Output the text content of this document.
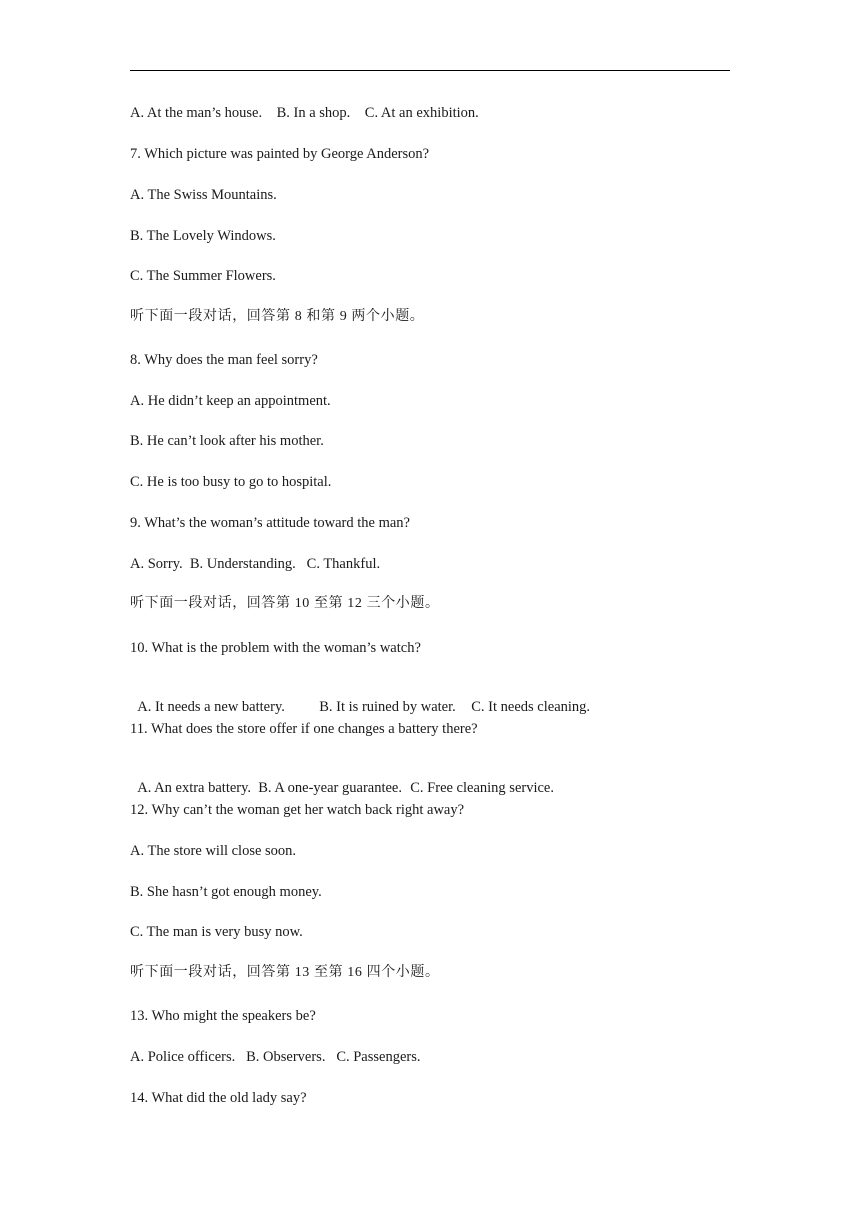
A. At the man’s house.    B. In a shop.    C. At an exhibition.
7. Which picture was painted by George Anderson?
A. The Swiss Mountains.
B. The Lovely Windows.
C. The Summer Flowers.
听下面一段对话，回答第 8 和第 9 两个小题。
8. Why does the man feel sorry?
A. He didn’t keep an appointment.
B. He can’t look after his mother.
C. He is too busy to go to hospital.
9. What’s the woman’s attitude toward the man?
A. Sorry.  B. Understanding.   C. Thankful.
听下面一段对话，回答第 10 至第 12 三个小题。
10. What is the problem with the woman’s watch?

A. It needs a new battery. B. It is ruined by water. C. It needs cleaning.

11. What does the store offer if one changes a battery there?

A. An extra battery. B. A one-year guarantee. C. Free cleaning service.

12. Why can’t the woman get her watch back right away?
A. The store will close soon.
B. She hasn’t got enough money.
C. The man is very busy now.
听下面一段对话，回答第 13 至第 16 四个小题。
13. Who might the speakers be?
A. Police officers.   B. Observers.   C. Passengers.
14. What did the old lady say?
